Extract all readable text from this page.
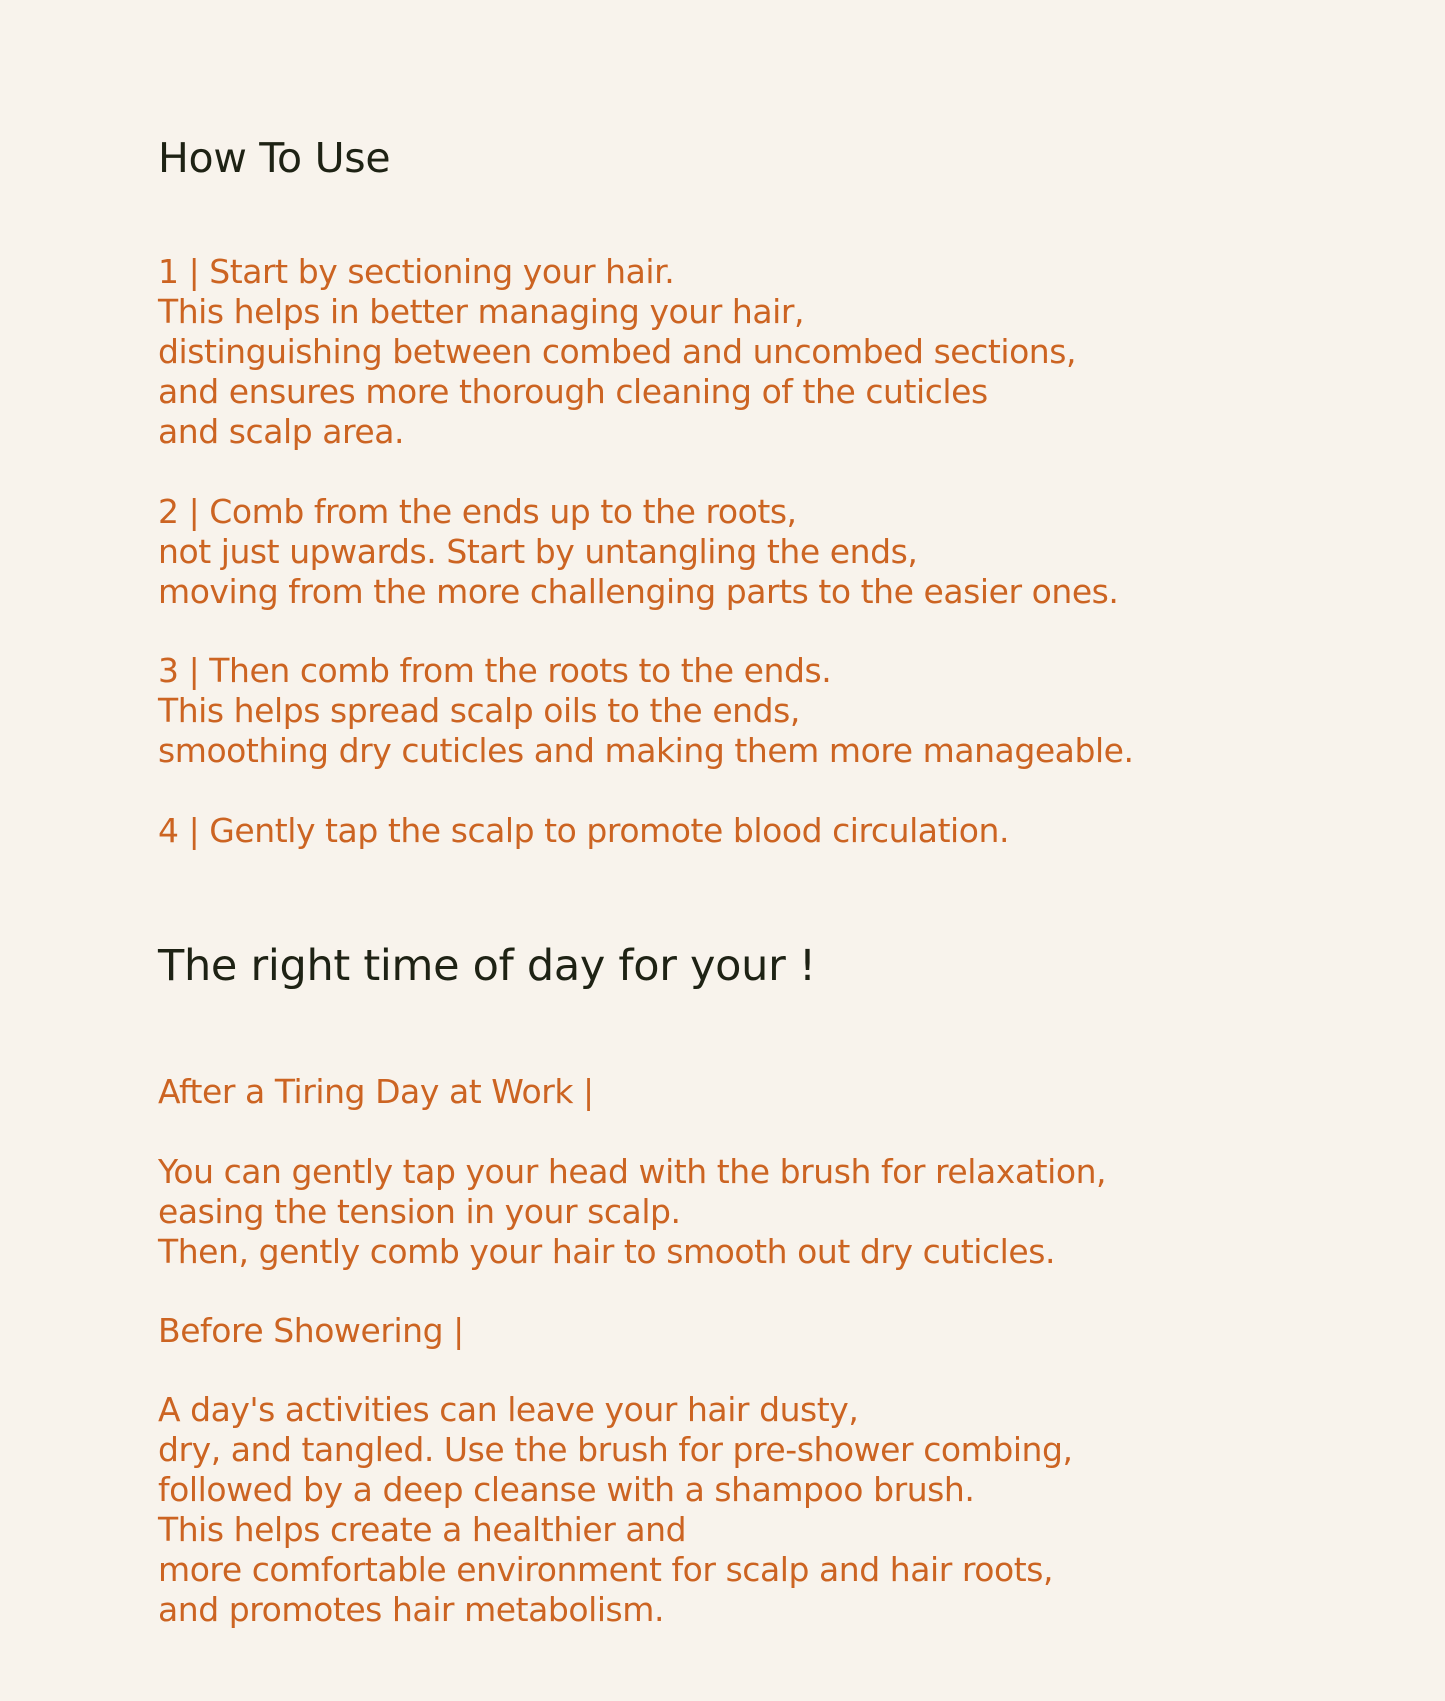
How To Use
1 | Start by sectioning your hair.
This helps in better managing your hair,
distinguishing between combed and uncombed sections,
and ensures more thorough cleaning of the cuticles
and scalp area.
2 | Comb from the ends up to the roots,
not just upwards. Start by untangling the ends,
moving from the more challenging parts to the easier ones.
3 | Then comb from the roots to the ends.
This helps spread scalp oils to the ends,
smoothing dry cuticles and making them more manageable.
4 | Gently tap the scalp to promote blood circulation.
The right time of day for your !
After a Tiring Day at Work |
You can gently tap your head with the brush for relaxation,
easing the tension in your scalp.
Then, gently comb your hair to smooth out dry cuticles.
Before Showering |
A day's activities can leave your hair dusty,
dry, and tangled. Use the brush for pre-shower combing,
followed by a deep cleanse with a shampoo brush.
This helps create a healthier and
more comfortable environment for scalp and hair roots,
and promotes hair metabolism.
